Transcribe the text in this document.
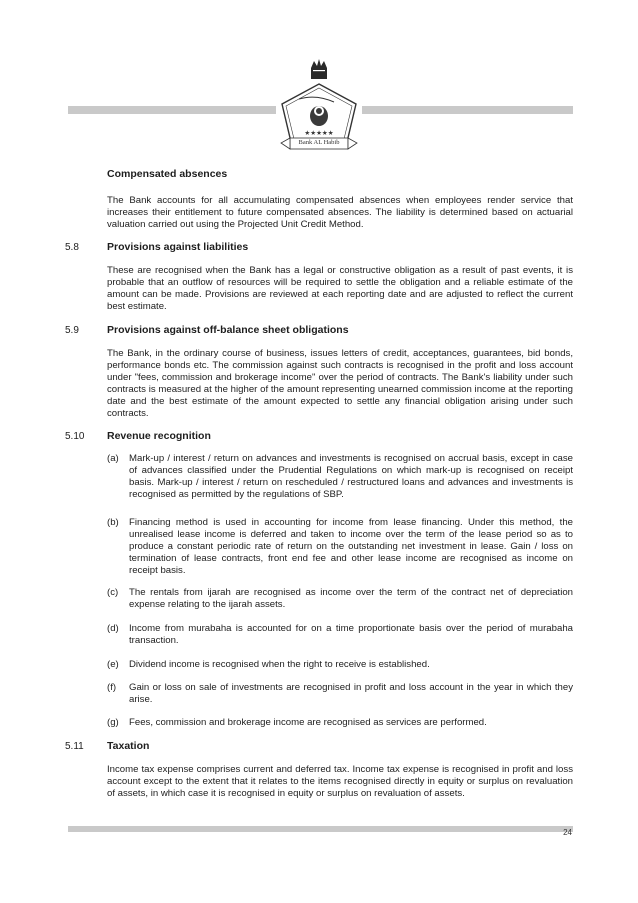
★★★★★
Bank AL Habib

Compensated absences

The Bank accounts for all accumulating compensated absences when employees render service that increases their entitlement to future compensated absences. The liability is determined based on actuarial valuation carried out using the Projected Unit Credit Method.

5.8	Provisions against liabilities

These are recognised when the Bank has a legal or constructive obligation as a result of past events, it is probable that an outflow of resources will be required to settle the obligation and a reliable estimate of the amount can be made. Provisions are reviewed at each reporting date and are adjusted to reflect the current best estimate.

5.9	Provisions against off-balance sheet obligations

The Bank, in the ordinary course of business, issues letters of credit, acceptances, guarantees, bid bonds, performance bonds etc. The commission against such contracts is recognised in the profit and loss account under "fees, commission and brokerage income" over the period of contracts. The Bank's liability under such contracts is measured at the higher of the amount representing unearned commission income at the reporting date and the best estimate of the amount expected to settle any financial obligation arising under such contracts.

5.10 Revenue recognition

(a) Mark-up / interest / return on advances and investments is recognised on accrual basis, except in case of advances classified under the Prudential Regulations on which mark-up is recognised on receipt basis. Mark-up / interest / return on rescheduled / restructured loans and advances and investments is recognised as permitted by the regulations of SBP.
(b) Financing method is used in accounting for income from lease financing. Under this method, the unrealised lease income is deferred and taken to income over the term of the lease period so as to produce a constant periodic rate of return on the outstanding net investment in lease. Gain / loss on termination of lease contracts, front end fee and other lease income are recognised as income on receipt basis.
(c) The rentals from ijarah are recognised as income over the term of the contract net of depreciation expense relating to the ijarah assets.
(d) Income from murabaha is accounted for on a time proportionate basis over the period of murabaha transaction.
(e) Dividend income is recognised when the right to receive is established.
(f) Gain or loss on sale of investments are recognised in profit and loss account in the year in which they arise.
(g) Fees, commission and brokerage income are recognised as services are performed.
5.11 Taxation

Income tax expense comprises current and deferred tax. Income tax expense is recognised in profit and loss account except to the extent that it relates to the items recognised directly in equity or surplus on revaluation of assets, in which case it is recognised in equity or surplus on revaluation of assets.

24
